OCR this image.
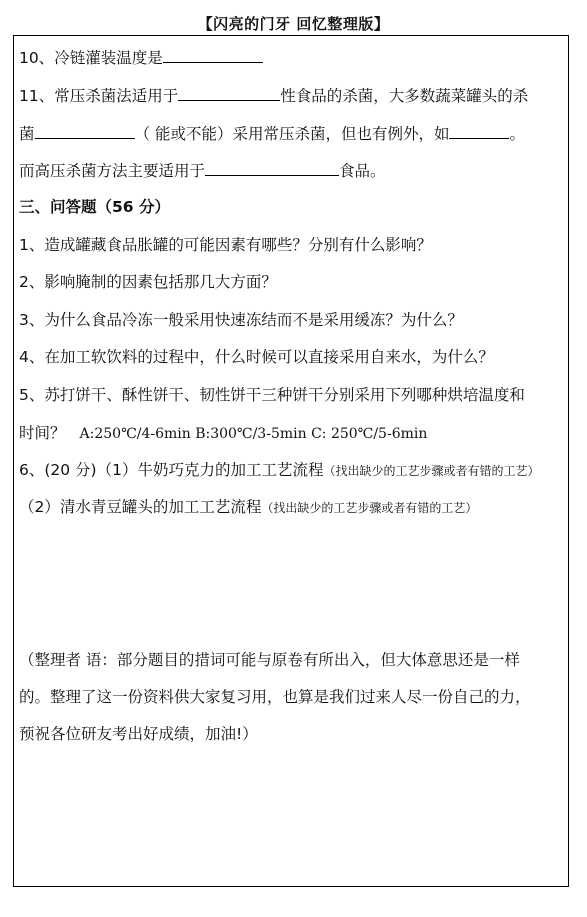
【闪亮的门牙 回忆整理版】
10、冷链灌装温度是
11、常压杀菌法适用于	性食品的杀菌，大多数蔬菜罐头的杀
菌	（ 能或不能）采用常压杀菌，但也有例外，如	。
而高压杀菌方法主要适用于	食品。
三、问答题（56 分）
1、造成罐藏食品胀罐的可能因素有哪些？分别有什么影响？
2、影响腌制的因素包括那几大方面？
3、为什么食品冷冻一般采用快速冻结而不是采用缓冻？为什么？
4、在加工软饮料的过程中，什么时候可以直接采用自来水，为什么？
5、苏打饼干、酥性饼干、韧性饼干三种饼干分别采用下列哪种烘培温度和
时间？ A:250℃/4-6min B:300℃/3-5min C: 250℃/5-6min
6、(20 分)（1）牛奶巧克力的加工工艺流程（找出缺少的工艺步骤或者有错的工艺）
（2）清水青豆罐头的加工工艺流程（找出缺少的工艺步骤或者有错的工艺）
（整理者 语：部分题目的措词可能与原卷有所出入，但大体意思还是一样
的。整理了这一份资料供大家复习用，也算是我们过来人尽一份自己的力，
预祝各位研友考出好成绩，加油!）
